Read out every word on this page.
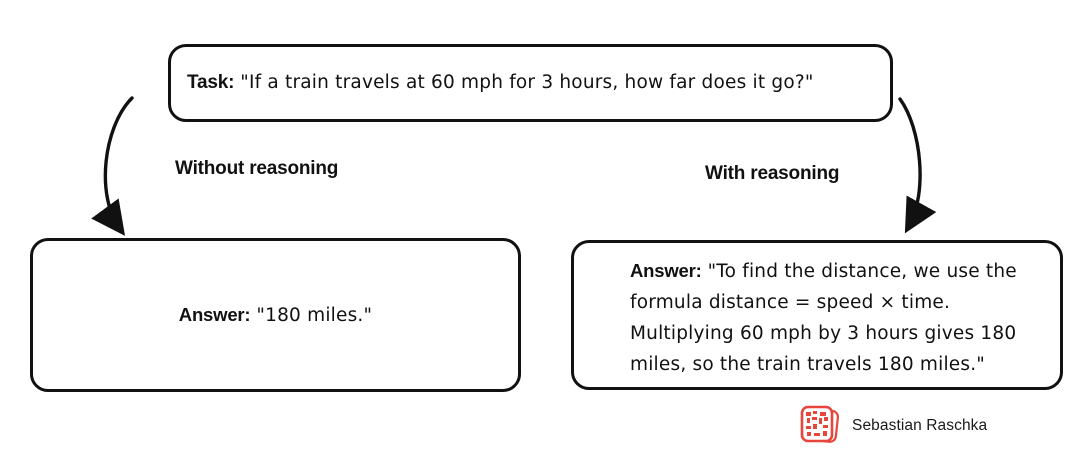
Task: "If a train travels at 60 mph for 3 hours, how far does it go?"

Without reasoning	With reasoning

Answer: "180 miles."

Answer: "To find the distance, we use the formula distance = speed × time. Multiplying 60 mph by 3 hours gives 180 miles, so the train travels 180 miles."

Sebastian Raschka
